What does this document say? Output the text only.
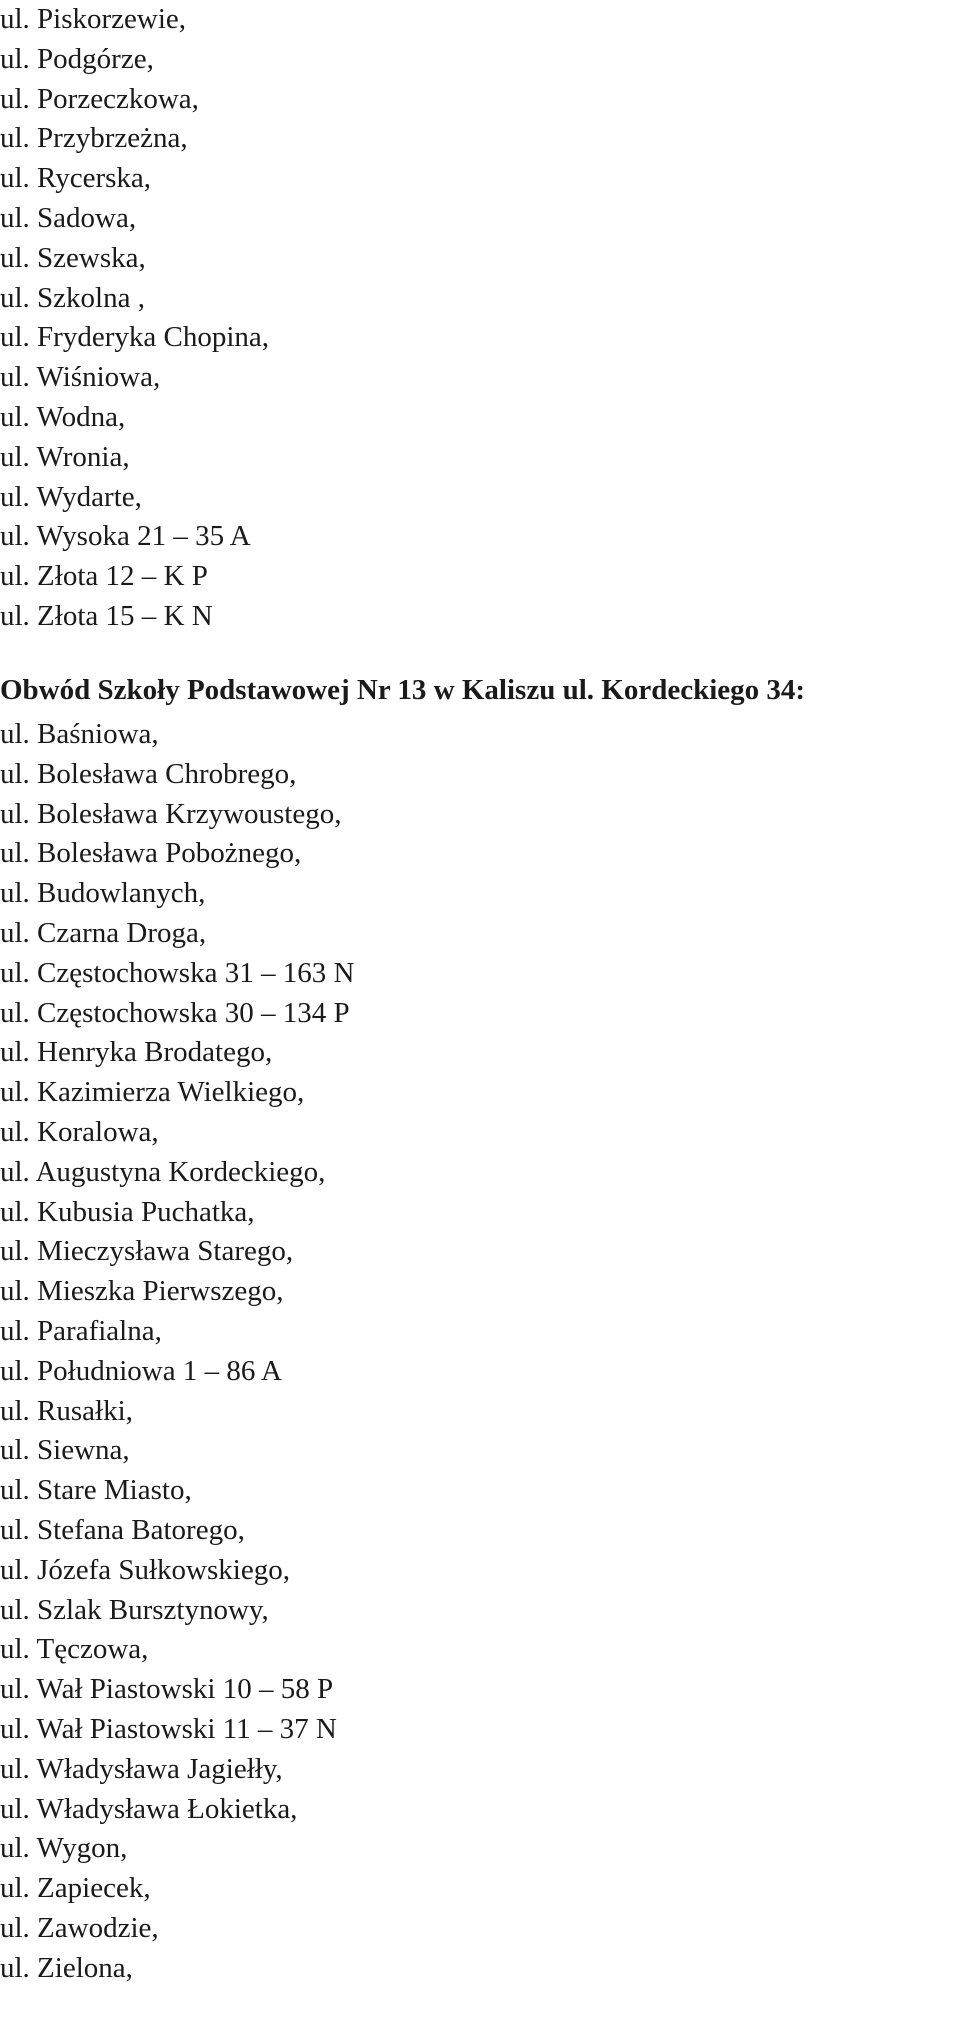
ul. Piskorzewie,
ul. Podgórze,
ul. Porzeczkowa,
ul. Przybrzeżna,
ul. Rycerska,
ul. Sadowa,
ul. Szewska,
ul. Szkolna ,
ul. Fryderyka Chopina,
ul. Wiśniowa,
ul. Wodna,
ul. Wronia,
ul. Wydarte,
ul. Wysoka 21 – 35 A
ul. Złota 12 – K P
ul. Złota 15 – K N
Obwód Szkoły Podstawowej Nr 13 w Kaliszu ul. Kordeckiego 34:
ul. Baśniowa,
ul. Bolesława Chrobrego,
ul. Bolesława Krzywoustego,
ul. Bolesława Pobożnego,
ul. Budowlanych,
ul. Czarna Droga,
ul. Częstochowska 31 – 163 N
ul. Częstochowska 30 – 134 P
ul. Henryka Brodatego,
ul. Kazimierza Wielkiego,
ul. Koralowa,
ul. Augustyna Kordeckiego,
ul. Kubusia Puchatka,
ul. Mieczysława Starego,
ul. Mieszka Pierwszego,
ul. Parafialna,
ul. Południowa 1 – 86 A
ul. Rusałki,
ul. Siewna,
ul. Stare Miasto,
ul. Stefana Batorego,
ul. Józefa Sułkowskiego,
ul. Szlak Bursztynowy,
ul. Tęczowa,
ul. Wał Piastowski 10 – 58 P
ul. Wał Piastowski 11 – 37 N
ul. Władysława Jagiełły,
ul. Władysława Łokietka,
ul. Wygon,
ul. Zapiecek,
ul. Zawodzie,
ul. Zielona,
